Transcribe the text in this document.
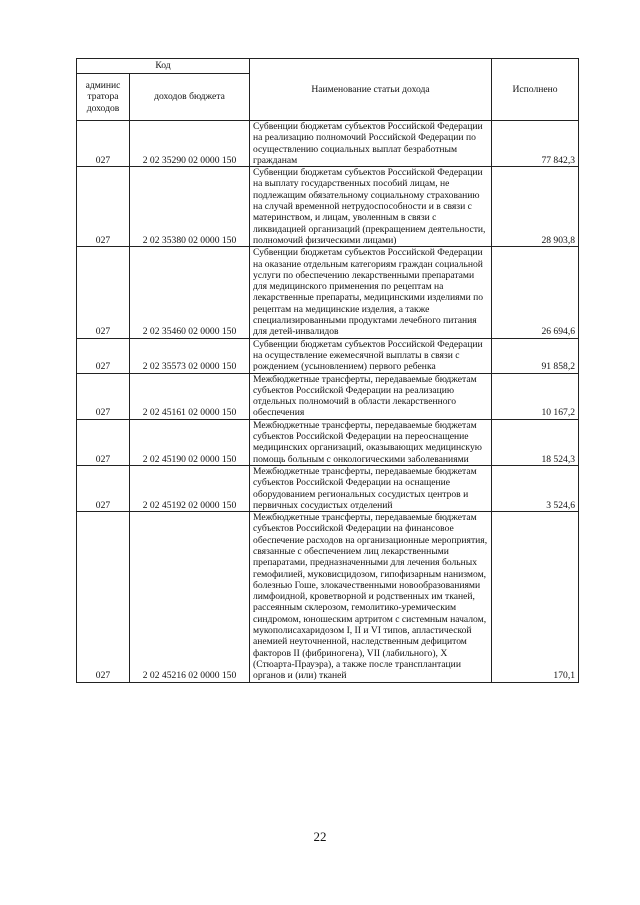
Код		Наименование статьи дохода	Исполнено
админис тратора доходов	доходов бюджета		
027	2 02 35290 02 0000 150	Субвенции бюджетам субъектов Российской Федерации на реализацию полномочий Российской Федерации по осуществлению социальных выплат безработным гражданам	77 842,3
027	2 02 35380 02 0000 150	Субвенции бюджетам субъектов Российской Федерации на выплату государственных пособий лицам, не подлежащим обязательному социальному страхованию на случай временной нетрудоспособности и в связи с материнством, и лицам, уволенным в связи с ликвидацией организаций (прекращением деятельности, полномочий физическими лицами)	28 903,8
027	2 02 35460 02 0000 150	Субвенции бюджетам субъектов Российской Федерации на оказание отдельным категориям граждан социальной услуги по обеспечению лекарственными препаратами для медицинского применения по рецептам на лекарственные препараты, медицинскими изделиями по рецептам на медицинские изделия, а также специализированными продуктами лечебного питания для детей-инвалидов	26 694,6
027	2 02 35573 02 0000 150	Субвенции бюджетам субъектов Российской Федерации на осуществление ежемесячной выплаты в связи с рождением (усыновлением) первого ребенка	91 858,2
027	2 02 45161 02 0000 150	Межбюджетные трансферты, передаваемые бюджетам субъектов Российской Федерации на реализацию отдельных полномочий в области лекарственного обеспечения	10 167,2
027	2 02 45190 02 0000 150	Межбюджетные трансферты, передаваемые бюджетам субъектов Российской Федерации на переоснащение медицинских организаций, оказывающих медицинскую помощь больным с онкологическими заболеваниями	18 524,3
027	2 02 45192 02 0000 150	Межбюджетные трансферты, передаваемые бюджетам субъектов Российской Федерации на оснащение оборудованием региональных сосудистых центров и первичных сосудистых отделений	3 524,6
027	2 02 45216 02 0000 150	Межбюджетные трансферты, передаваемые бюджетам субъектов Российской Федерации на финансовое обеспечение расходов на организационные мероприятия, связанные с обеспечением лиц лекарственными препаратами, предназначенными для лечения больных гемофилией, муковисцидозом, гипофизарным нанизмом, болезнью Гоше, злокачественными новообразованиями лимфоидной, кроветворной и родственных им тканей, рассеянным склерозом, гемолитико-уремическим синдромом, юношеским артритом с системным началом, мукополисахаридозом I, II и VI типов, апластической анемией неуточненной, наследственным дефицитом факторов II (фибриногена), VII (лабильного), X (Стюарта-Прауэра), а также после трансплантации органов и (или) тканей	170,1
22
